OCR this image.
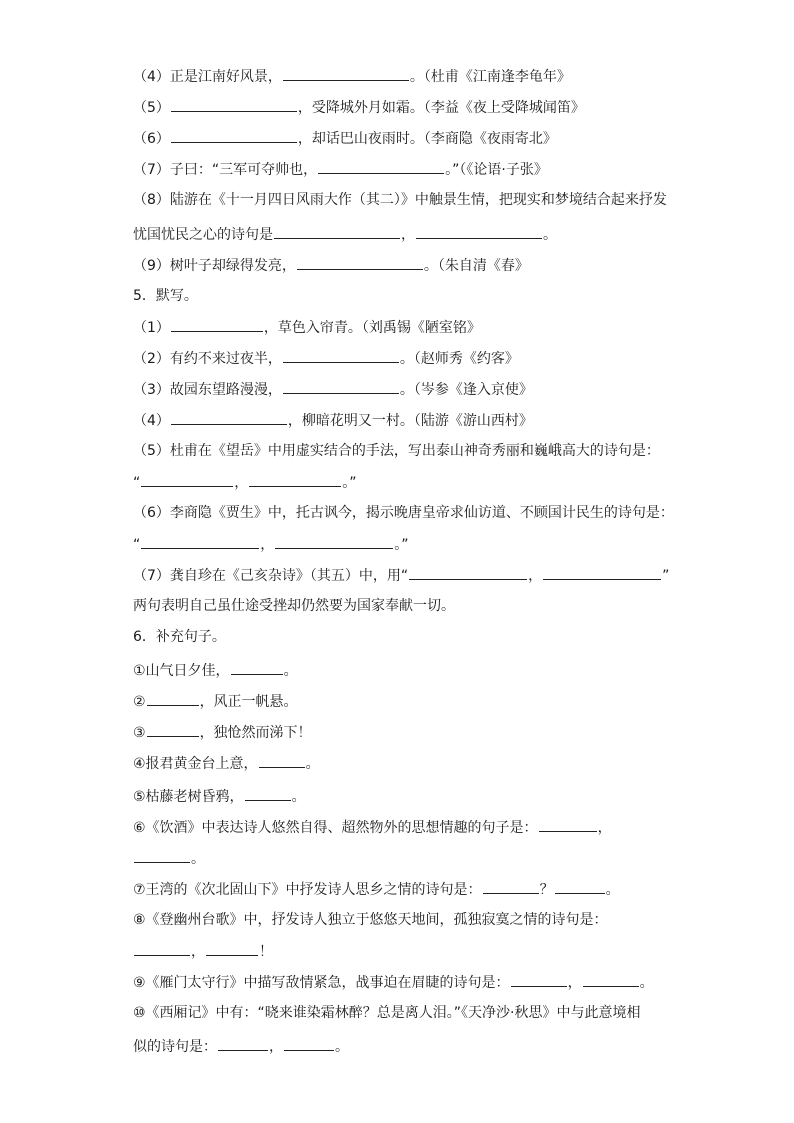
（4）正是江南好风景，	。（杜甫《江南逢李龟年》
（5）	，受降城外月如霜。（李益《夜上受降城闻笛》
（6）	，却话巴山夜雨时。（李商隐《夜雨寄北》
（7）子曰：“三军可夺帅也，	。”（《论语·子张》
（8）陆游在《十一月四日风雨大作（其二）》中触景生情，把现实和梦境结合起来抒发
忧国忧民之心的诗句是	，	。
（9）树叶子却绿得发亮，	。（朱自清《春》
5．默写。
（1）	，草色入帘青。（刘禹锡《陋室铭》
（2）有约不来过夜半，	。（赵师秀《约客》
（3）故园东望路漫漫，	。（岑参《逢入京使》
（4）	，柳暗花明又一村。（陆游《游山西村》
（5）杜甫在《望岳》中用虚实结合的手法，写出泰山神奇秀丽和巍峨高大的诗句是：
“	，	。”
（6）李商隐《贾生》中，托古讽今，揭示晚唐皇帝求仙访道、不顾国计民生的诗句是：
“	，	。”
（7）龚自珍在《己亥杂诗》（其五）中，用“	，	”
两句表明自己虽仕途受挫却仍然要为国家奉献一切。
6．补充句子。
①山气日夕佳，	。
②	，风正一帆悬。
③	，独怆然而涕下！
④报君黄金台上意，	。
⑤枯藤老树昏鸦，	。
⑥《饮酒》中表达诗人悠然自得、超然物外的思想情趣的句子是：	，
。
⑦王湾的《次北固山下》中抒发诗人思乡之情的诗句是：	？	。
⑧《登幽州台歌》中，抒发诗人独立于悠悠天地间，孤独寂寞之情的诗句是：
，	！
⑨《雁门太守行》中描写敌情紧急，战事迫在眉睫的诗句是：	，	。
⑩《西厢记》中有：“晓来谁染霜林醉？总是离人泪。”《天净沙·秋思》中与此意境相
似的诗句是：	，	。
